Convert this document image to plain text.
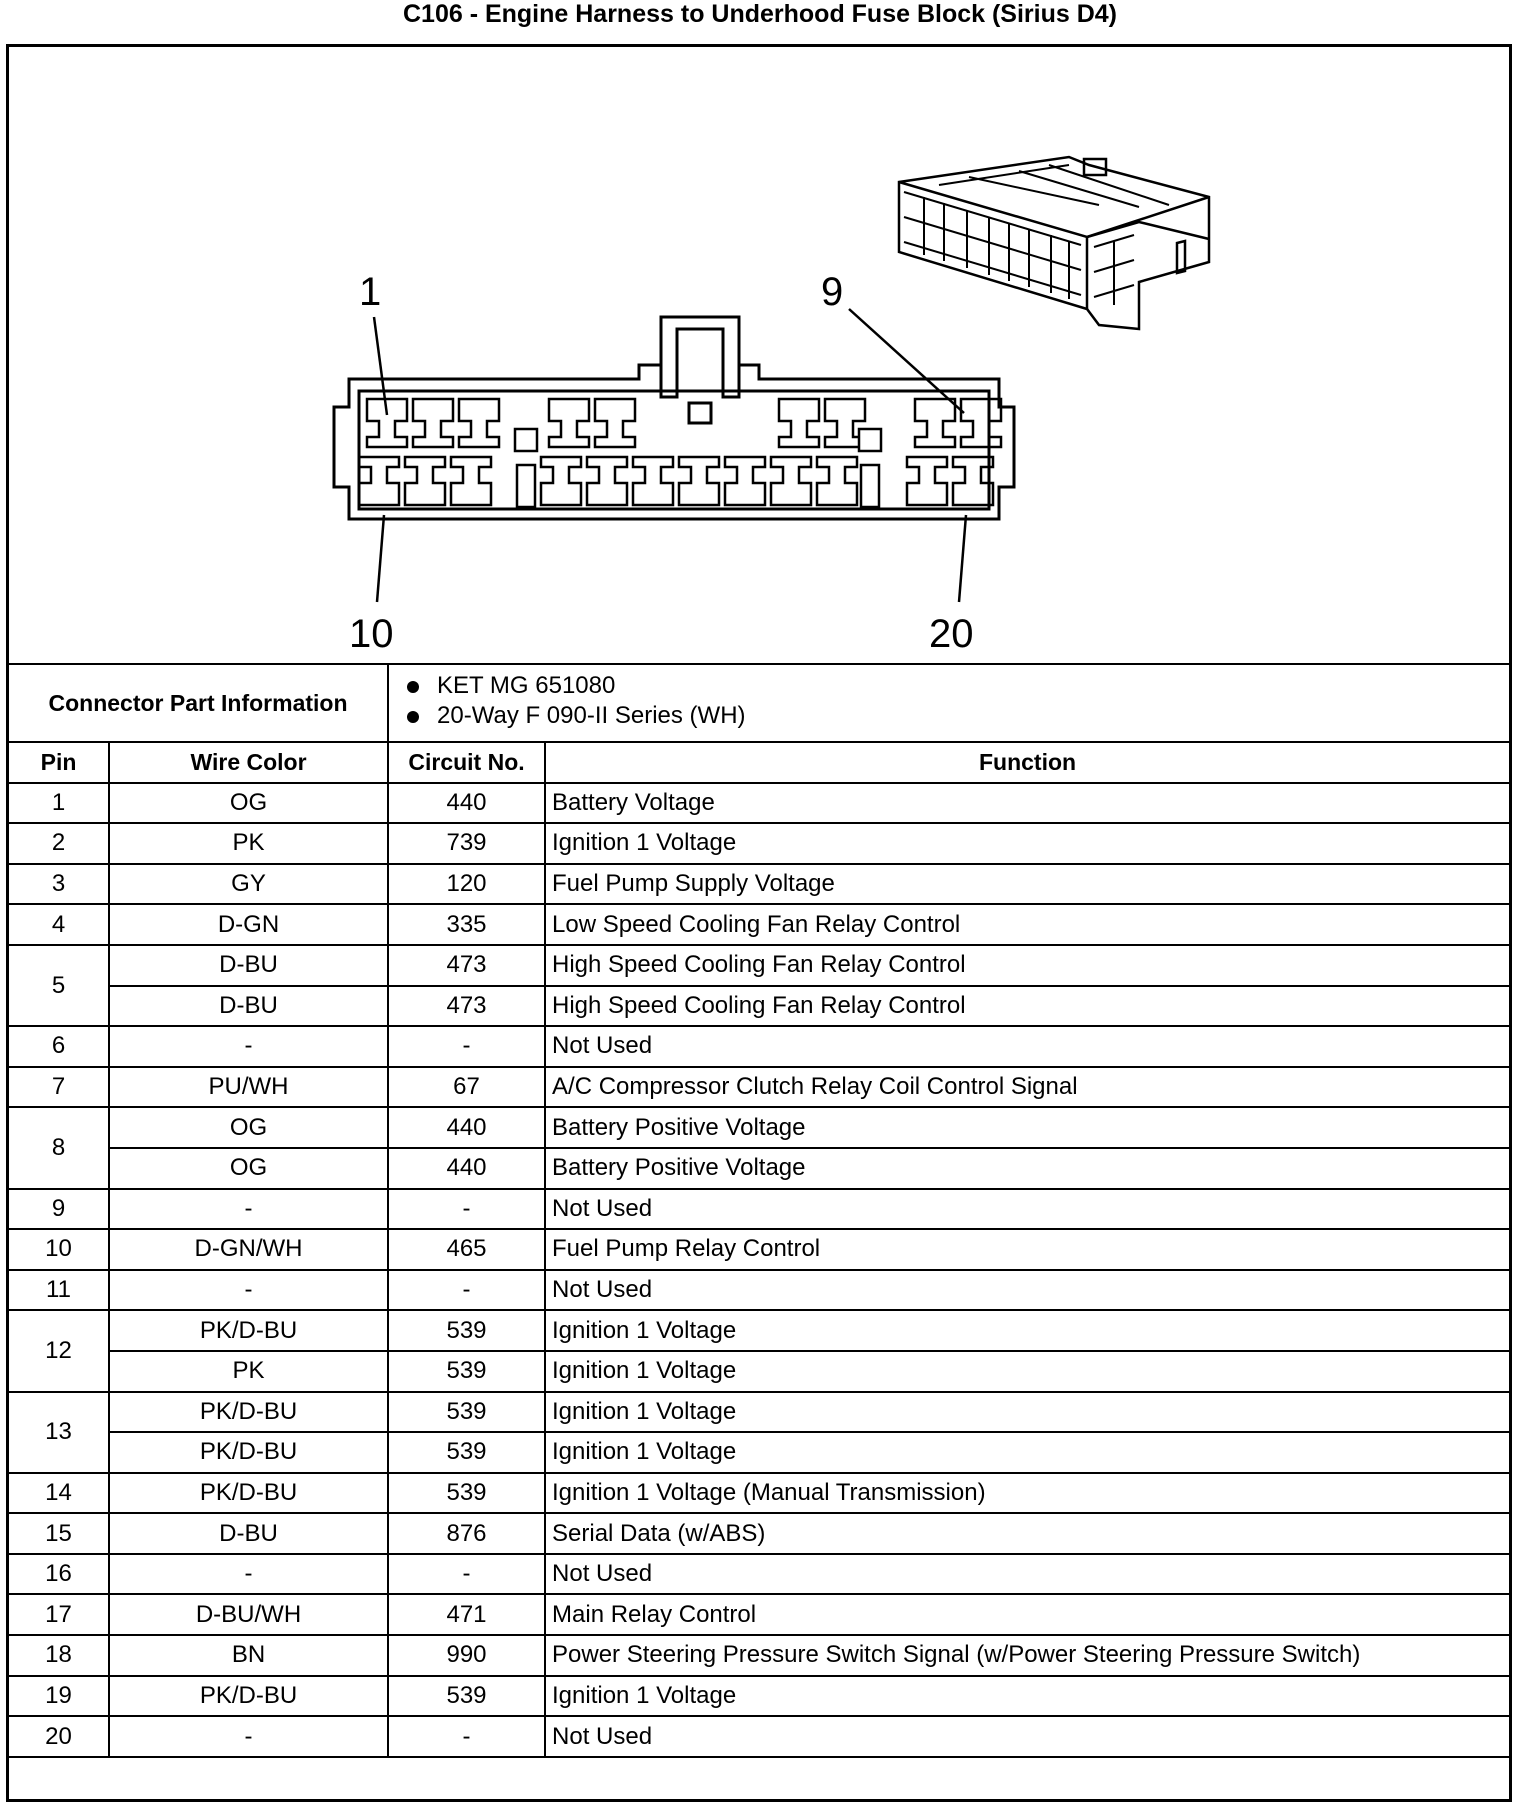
C106 - Engine Harness to Underhood Fuse Block (Sirius D4)
1	9
10	20
Connector Part Information		KET MG 651080
20-Way F 090-II Series (WH)	

Pin	Wire Color	Circuit No.	Function
1	OG	440	Battery Voltage
2	PK	739	Ignition 1 Voltage
3	GY	120	Fuel Pump Supply Voltage
4	D-GN	335	Low Speed Cooling Fan Relay Control
5	D-BU	473	High Speed Cooling Fan Relay Control
	D-BU	473	High Speed Cooling Fan Relay Control
6	-	-	Not Used
7	PU/WH	67	A/C Compressor Clutch Relay Coil Control Signal
8	OG	440	Battery Positive Voltage
	OG	440	Battery Positive Voltage
9	-	-	Not Used
10	D-GN/WH	465	Fuel Pump Relay Control
11	-	-	Not Used
12	PK/D-BU	539	Ignition 1 Voltage
	PK	539	Ignition 1 Voltage
13	PK/D-BU	539	Ignition 1 Voltage
	PK/D-BU	539	Ignition 1 Voltage
14	PK/D-BU	539	Ignition 1 Voltage (Manual Transmission)
15	D-BU	876	Serial Data (w/ABS)
16	-	-	Not Used
17	D-BU/WH	471	Main Relay Control
18	BN	990	Power Steering Pressure Switch Signal (w/Power Steering Pressure Switch)
19	PK/D-BU	539	Ignition 1 Voltage
20	-	-	Not Used
